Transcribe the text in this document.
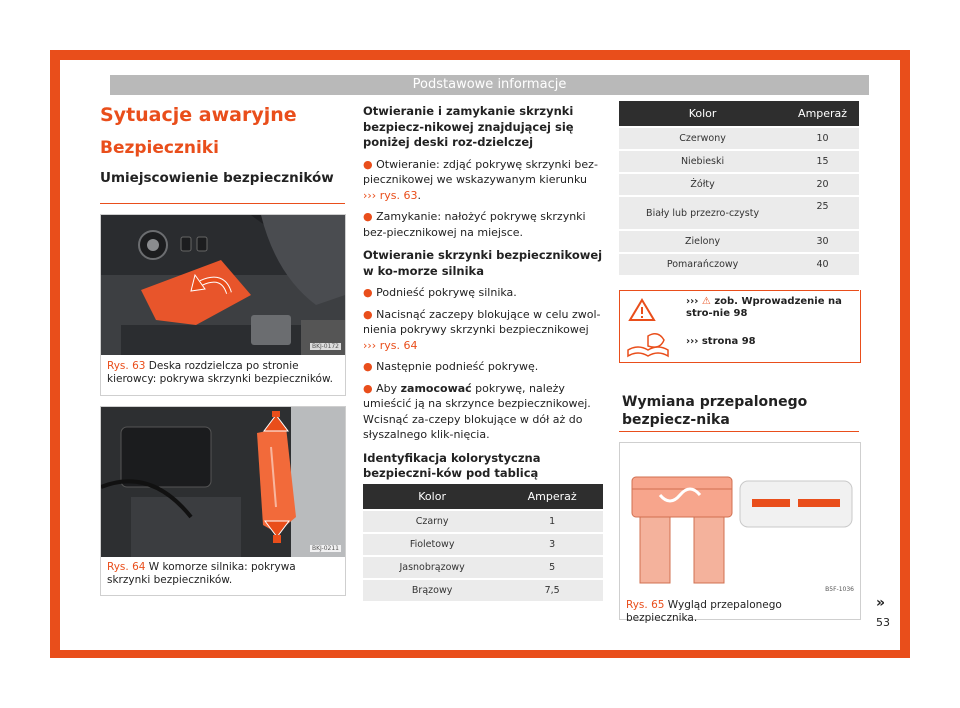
Podstawowe informacje
Sytuacje awaryjne
Bezpieczniki
Umiejscowienie bezpieczników
BKJ-0172
Rys. 63 Deska rozdzielcza po stronie kierowcy: pokrywa skrzynki bezpieczników.
BKJ-0211
Rys. 64 W komorze silnika: pokrywa skrzynki bezpieczników.
Otwieranie i zamykanie skrzynki bezpiecz-nikowej znajdującej się poniżej deski roz-dzielczej

● Otwieranie: zdjąć pokrywę skrzynki bez-piecznikowej we wskazywanym kierunku ››› rys. 63.

● Zamykanie: nałożyć pokrywę skrzynki bez-piecznikowej na miejsce.

Otwieranie skrzynki bezpiecznikowej w ko-morze silnika

● Podnieść pokrywę silnika.

● Nacisnąć zaczepy blokujące w celu zwol-nienia pokrywy skrzynki bezpiecznikowej ››› rys. 64

● Następnie podnieść pokrywę.

● Aby zamocować pokrywę, należy umieścić ją na skrzynce bezpiecznikowej. Wcisnąć za-czepy blokujące w dół aż do słyszalnego klik-nięcia.

Identyfikacja kolorystyczna bezpieczni-ków pod tablicą
Kolor	Amperaż
Czarny	1
Fioletowy	3
Jasnobrązowy	5
Brązowy	7,5
Kolor	Amperaż
Czerwony	10
Niebieski	15
Żółty	20
Biały lub przezro-czysty	25
Zielony	30
Pomarańczowy	40
››› ⚠ zob. Wprowadzenie na stro-nie 98
››› strona 98
Wymiana przepalonego bezpiecz-nika
B5F-1036
Rys. 65 Wygląd przepalonego bezpiecznika.
»
53
